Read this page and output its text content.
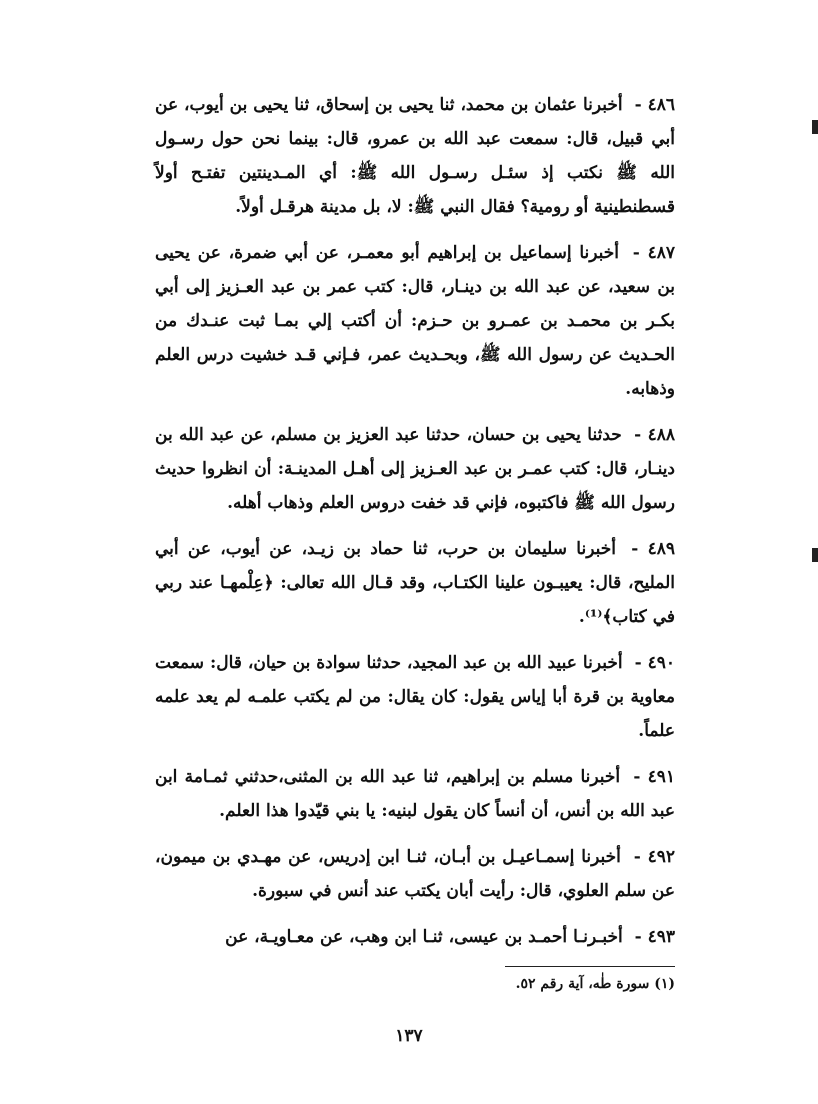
٤٨٦ - أخبرنا عثمان بن محمد، ثنا يحيى بن إسحاق، ثنا يحيى بن أيوب، عن أبي قبيل، قال: سمعت عبد الله بن عمرو، قال: بينما نحن حول رسـول الله ﷺ نكتب إذ سئـل رسـول الله ﷺ: أي المـدينتين تفتـح أولاً قسطنطينية أو رومية؟ فقال النبي ﷺ: لا، بل مدينة هرقـل أولاً.

٤٨٧ - أخبرنا إسماعيل بن إبراهيم أبو معمـر، عن أبي ضمرة، عن يحيى بن سعيد، عن عبد الله بن دينـار، قال: كتب عمر بن عبد العـزيز إلى أبي بكـر بن محمـد بن عمـرو بن حـزم: أن أكتب إلي بمـا ثبت عنـدك من الحـديث عن رسول الله ﷺ، وبحـديث عمر، فـإني قـد خشيت درس العلم وذهابه.

٤٨٨ - حدثنا يحيى بن حسان، حدثنا عبد العزيز بن مسلم، عن عبد الله بن دينـار، قال: كتب عمـر بن عبد العـزيز إلى أهـل المدينـة: أن انظروا حديث رسول الله ﷺ فاكتبوه، فإني قد خفت دروس العلم وذهاب أهله.

٤٨٩ - أخبرنا سليمان بن حرب، ثنا حماد بن زيـد، عن أيوب، عن أبي المليح، قال: يعيبـون علينا الكتـاب، وقد قـال الله تعالى: ﴿عِلْمهـا عند ربي في كتاب﴾⁽¹⁾.

٤٩٠ - أخبرنا عبيد الله بن عبد المجيد، حدثنا سوادة بن حيان، قال: سمعت معاوية بن قرة أبا إياس يقول: كان يقال: من لم يكتب علمـه لم يعد علمه علماً.

٤٩١ - أخبرنا مسلم بن إبراهيم، ثنا عبد الله بن المثنى،حدثني ثمـامة ابن عبد الله بن أنس، أن أنساً كان يقول لبنيه: يا بني قيّدوا هذا العلم.

٤٩٢ - أخبرنا إسمـاعيـل بن أبـان، ثنـا ابن إدريس، عن مهـدي بن ميمون، عن سلم العلوي، قال: رأيت أبان يكتب عند أنس في سبورة.

٤٩٣ - أخبـرنـا أحمـد بن عيسى، ثنـا ابن وهب، عن معـاويـة، عن

(١) سورة طٰه، آية رقم ٥٢.
١٣٧
